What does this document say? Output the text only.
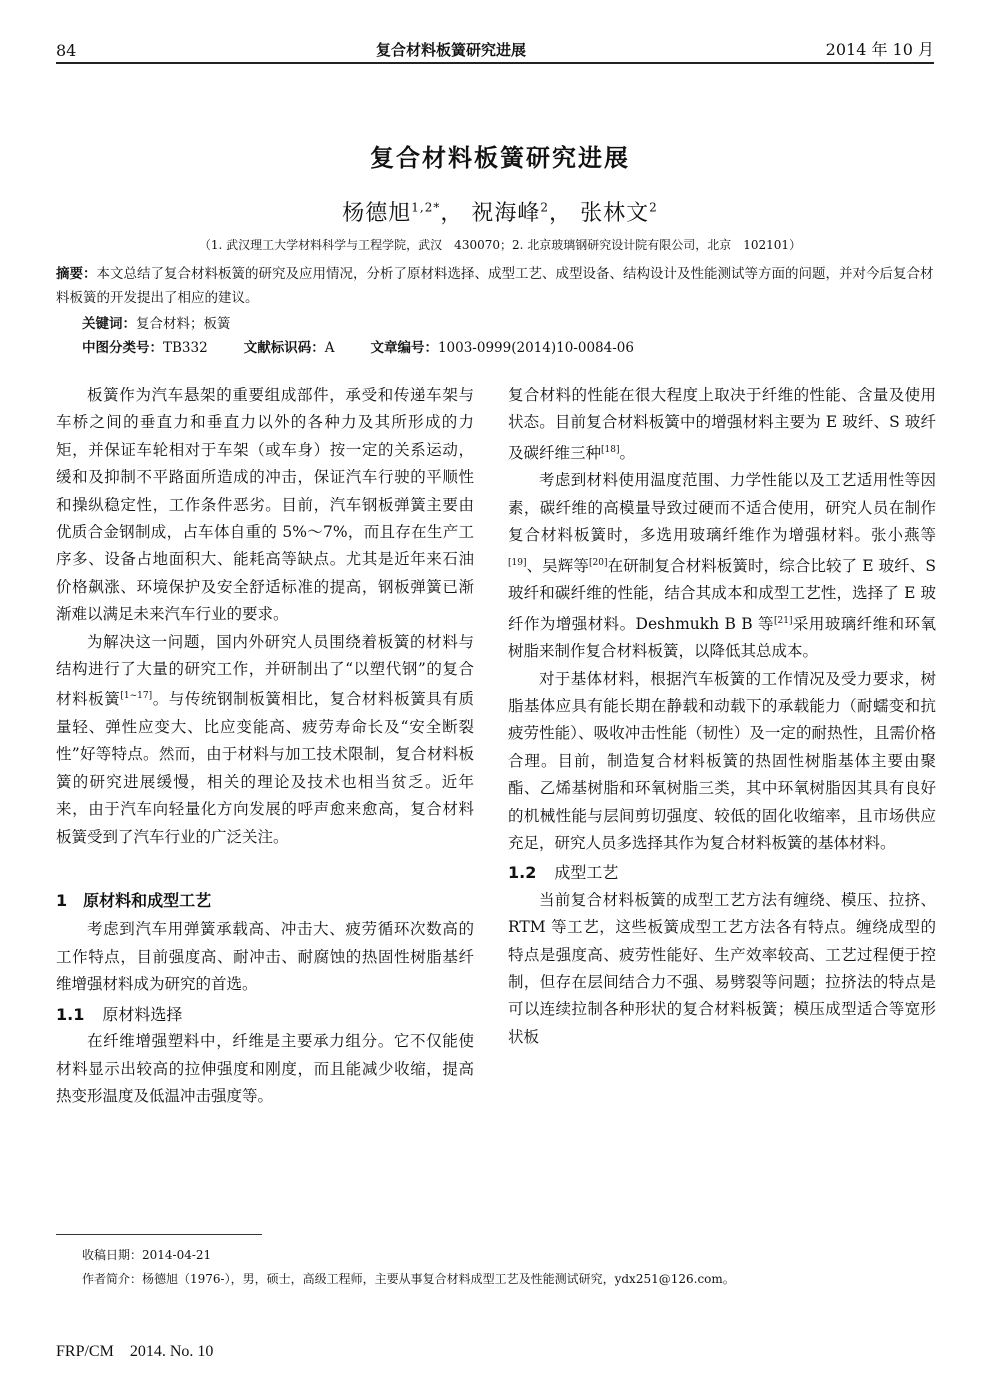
84	复合材料板簧研究进展	2014 年 10 月
复合材料板簧研究进展
杨德旭$^{1,2*}$， 祝海峰$^2$， 张林文$^2$
（1. 武汉理工大学材料科学与工程学院，武汉　430070；2. 北京玻璃钢研究设计院有限公司，北京　102101）
摘要：本文总结了复合材料板簧的研究及应用情况，分析了原材料选择、成型工艺、成型设备、结构设计及性能测试等方面的问题，并对今后复合材料板簧的开发提出了相应的建议。
关键词：复合材料；板簧
中图分类号：TB332	文献标识码：A	文章编号：1003-0999(2014)10-0084-06

板簧作为汽车悬架的重要组成部件，承受和传递车架与车桥之间的垂直力和垂直力以外的各种力及其所形成的力矩，并保证车轮相对于车架（或车身）按一定的关系运动，缓和及抑制不平路面所造成的冲击，保证汽车行驶的平顺性和操纵稳定性，工作条件恶劣。目前，汽车钢板弹簧主要由优质合金钢制成，占车体自重的 5%～7%，而且存在生产工序多、设备占地面积大、能耗高等缺点。尤其是近年来石油价格飙涨、环境保护及安全舒适标准的提高，钢板弹簧已渐渐难以满足未来汽车行业的要求。

为解决这一问题，国内外研究人员围绕着板簧的材料与结构进行了大量的研究工作，并研制出了“以塑代钢”的复合材料板簧[1~17]。与传统钢制板簧相比，复合材料板簧具有质量轻、弹性应变大、比应变能高、疲劳寿命长及“安全断裂性”好等特点。然而，由于材料与加工技术限制，复合材料板簧的研究进展缓慢，相关的理论及技术也相当贫乏。近年来，由于汽车向轻量化方向发展的呼声愈来愈高，复合材料板簧受到了汽车行业的广泛关注。

1　 原材料和成型工艺

考虑到汽车用弹簧承载高、冲击大、疲劳循环次数高的工作特点，目前强度高、耐冲击、耐腐蚀的热固性树脂基纤维增强材料成为研究的首选。

1.1 原材料选择

在纤维增强塑料中，纤维是主要承力组分。它不仅能使材料显示出较高的拉伸强度和刚度，而且能减少收缩，提高热变形温度及低温冲击强度等。

复合材料的性能在很大程度上取决于纤维的性能、含量及使用状态。目前复合材料板簧中的增强材料主要为 E 玻纤、S 玻纤及碳纤维三种[18]。

考虑到材料使用温度范围、力学性能以及工艺适用性等因素，碳纤维的高模量导致过硬而不适合使用，研究人员在制作复合材料板簧时，多选用玻璃纤维作为增强材料。张小燕等[19]、吴辉等[20]在研制复合材料板簧时，综合比较了 E 玻纤、S 玻纤和碳纤维的性能，结合其成本和成型工艺性，选择了 E 玻纤作为增强材料。Deshmukh B B 等[21]采用玻璃纤维和环氧树脂来制作复合材料板簧，以降低其总成本。

对于基体材料，根据汽车板簧的工作情况及受力要求，树脂基体应具有能长期在静载和动载下的承载能力（耐蠕变和抗疲劳性能）、吸收冲击性能（韧性）及一定的耐热性，且需价格合理。目前，制造复合材料板簧的热固性树脂基体主要由聚酯、乙烯基树脂和环氧树脂三类，其中环氧树脂因其具有良好的机械性能与层间剪切强度、较低的固化收缩率，且市场供应充足，研究人员多选择其作为复合材料板簧的基体材料。

1.2 成型工艺

当前复合材料板簧的成型工艺方法有缠绕、模压、拉挤、RTM 等工艺，这些板簧成型工艺方法各有特点。缠绕成型的特点是强度高、疲劳性能好、生产效率较高、工艺过程便于控制，但存在层间结合力不强、易劈裂等问题；拉挤法的特点是可以连续拉制各种形状的复合材料板簧；模压成型适合等宽形状板

收稿日期：2014-04-21
作者简介：杨德旭（1976-），男，硕士，高级工程师，主要从事复合材料成型工艺及性能测试研究，ydx251@126.com。
FRP/CM　2014. No. 10
